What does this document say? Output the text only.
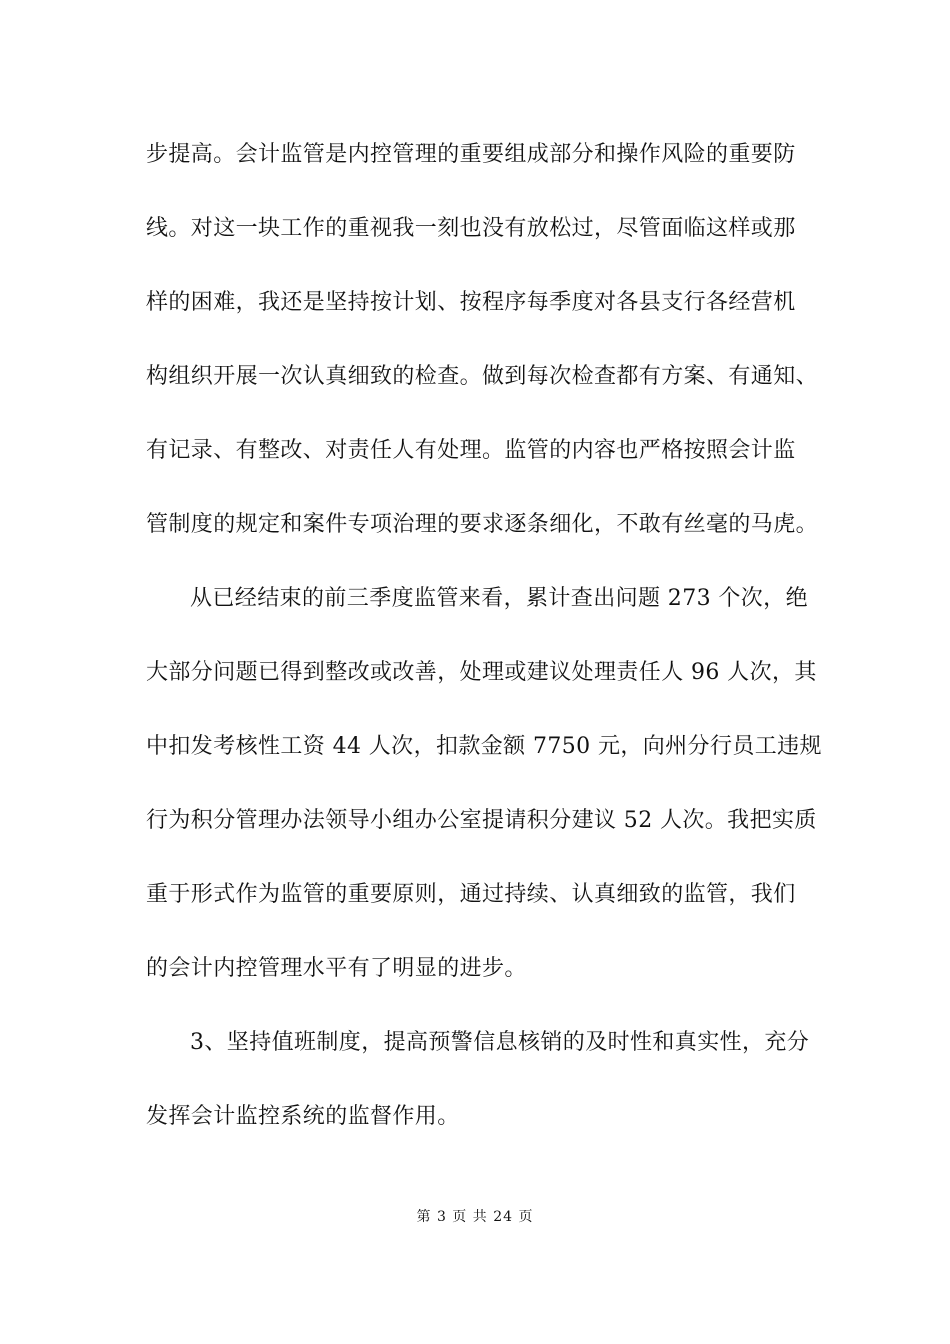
步提高。会计监管是内控管理的重要组成部分和操作风险的重要防
线。对这一块工作的重视我一刻也没有放松过，尽管面临这样或那
样的困难，我还是坚持按计划、按程序每季度对各县支行各经营机
构组织开展一次认真细致的检查。做到每次检查都有方案、有通知、
有记录、有整改、对责任人有处理。监管的内容也严格按照会计监
管制度的规定和案件专项治理的要求逐条细化，不敢有丝毫的马虎。
从已经结束的前三季度监管来看，累计查出问题 273 个次，绝
大部分问题已得到整改或改善，处理或建议处理责任人 96 人次，其
中扣发考核性工资 44 人次，扣款金额 7750 元，向州分行员工违规
行为积分管理办法领导小组办公室提请积分建议 52 人次。我把实质
重于形式作为监管的重要原则，通过持续、认真细致的监管，我们
的会计内控管理水平有了明显的进步。
3、坚持值班制度，提高预警信息核销的及时性和真实性，充分
发挥会计监控系统的监督作用。
第 3 页 共 24 页
